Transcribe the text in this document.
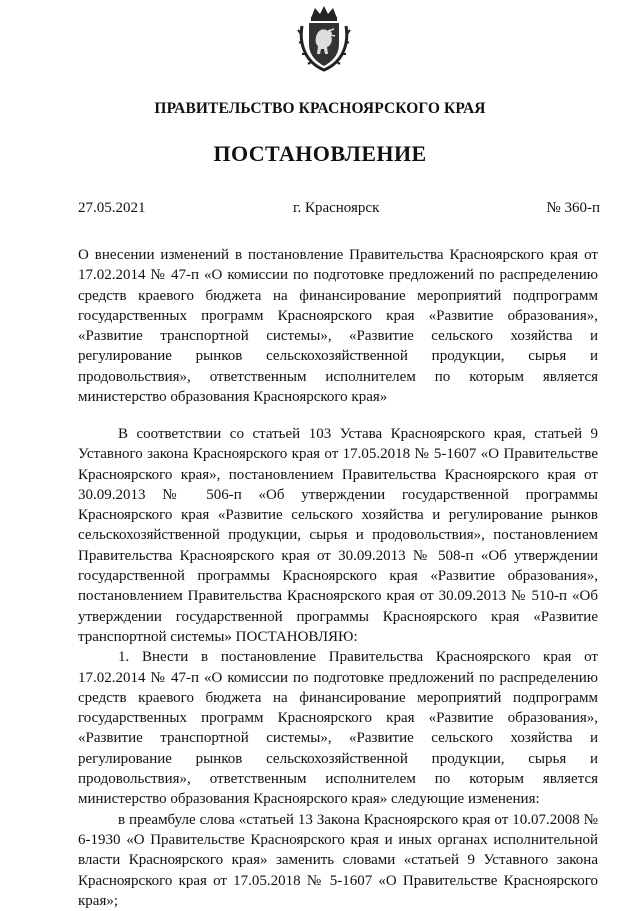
ПРАВИТЕЛЬСТВО КРАСНОЯРСКОГО КРАЯ
ПОСТАНОВЛЕНИЕ
27.05.2021	г. Красноярск	№ 360-п
О внесении изменений в постановление Правительства Красноярского края от 17.02.2014 № 47-п «О комиссии по подготовке предложений по распределению средств краевого бюджета на финансирование мероприятий подпрограмм государственных программ Красноярского края «Развитие образования», «Развитие транспортной системы», «Развитие сельского хозяйства и регулирование рынков сельскохозяйственной продукции, сырья и продовольствия», ответственным исполнителем по которым является министерство образования Красноярского края»

В соответствии со статьей 103 Устава Красноярского края, статьей 9 Уставного закона Красноярского края от 17.05.2018 № 5-1607 «О Правительстве Красноярского края», постановлением Правительства Красноярского края от 30.09.2013 № 506-п «Об утверждении государственной программы Красноярского края «Развитие сельского хозяйства и регулирование рынков сельскохозяйственной продукции, сырья и продовольствия», постановлением Правительства Красноярского края от 30.09.2013 № 508-п «Об утверждении государственной программы Красноярского края «Развитие образования», постановлением Правительства Красноярского края от 30.09.2013 № 510-п «Об утверждении государственной программы Красноярского края «Развитие транспортной системы» ПОСТАНОВЛЯЮ:

1. Внести в постановление Правительства Красноярского края от 17.02.2014 № 47-п «О комиссии по подготовке предложений по распределению средств краевого бюджета на финансирование мероприятий подпрограмм государственных программ Красноярского края «Развитие образования», «Развитие транспортной системы», «Развитие сельского хозяйства и регулирование рынков сельскохозяйственной продукции, сырья и продовольствия», ответственным исполнителем по которым является министерство образования Красноярского края» следующие изменения:

в преамбуле слова «статьей 13 Закона Красноярского края от 10.07.2008 № 6-1930 «О Правительстве Красноярского края и иных органах исполнительной власти Красноярского края» заменить словами «статьей 9 Уставного закона Красноярского края от 17.05.2018 № 5-1607 «О Правительстве Красноярского края»;
